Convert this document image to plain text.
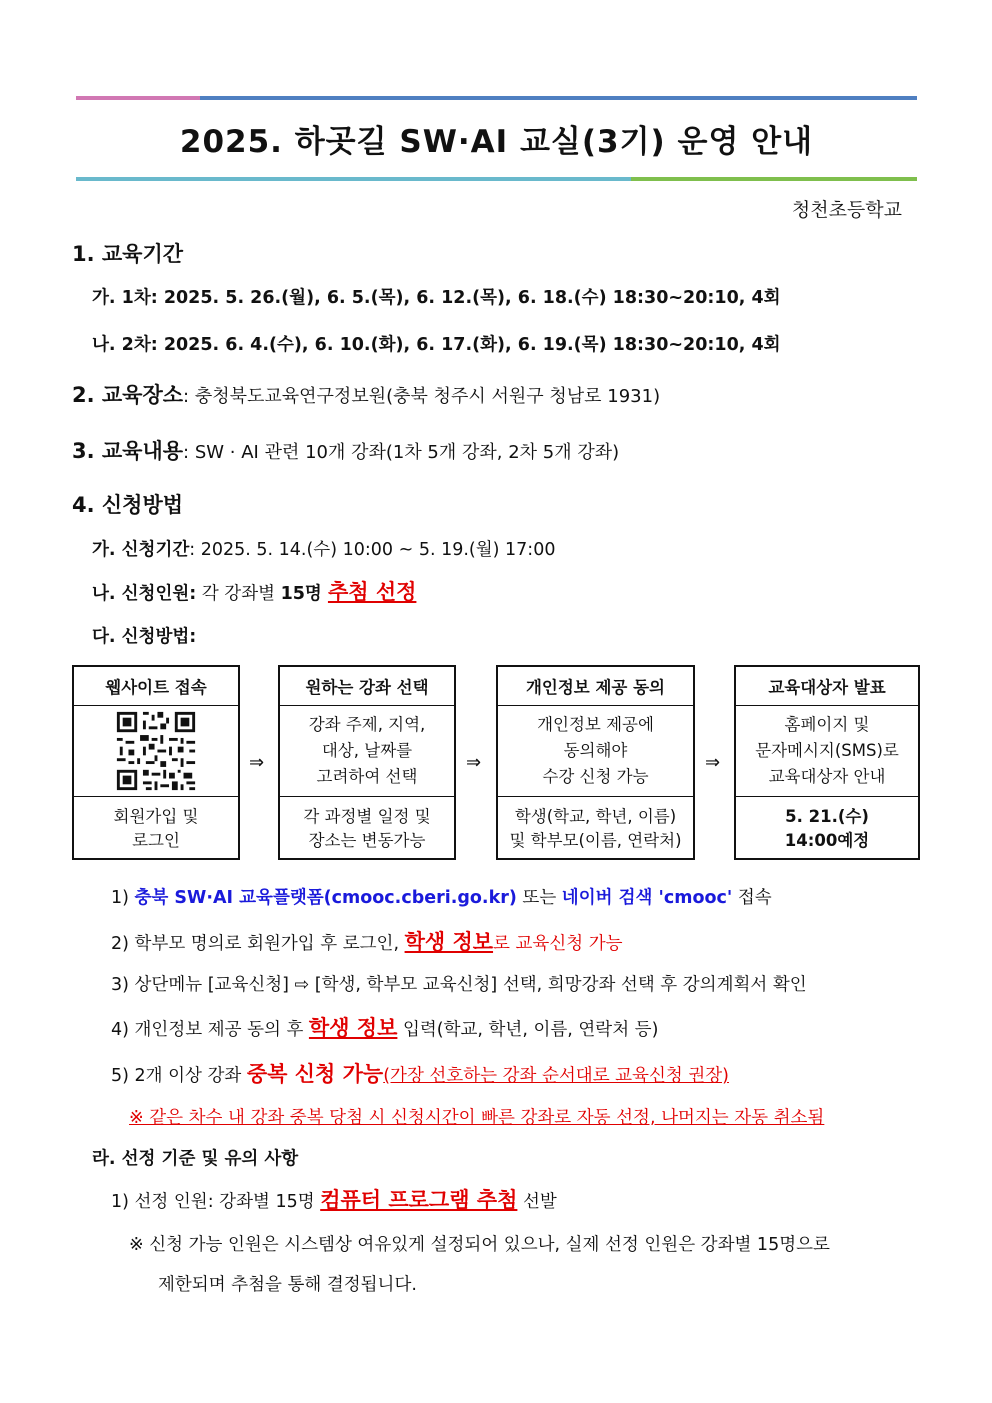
2025. 하곳길 SW·AI 교실(3기) 운영 안내
청천초등학교
1. 교육기간
가. 1차: 2025. 5. 26.(월), 6. 5.(목), 6. 12.(목), 6. 18.(수) 18:30~20:10, 4회
나. 2차: 2025. 6. 4.(수), 6. 10.(화), 6. 17.(화), 6. 19.(목) 18:30~20:10, 4회
2. 교육장소: 충청북도교육연구정보원(충북 청주시 서원구 청남로 1931)
3. 교육내용: SW · AI 관련 10개 강좌(1차 5개 강좌, 2차 5개 강좌)
4. 신청방법
가. 신청기간: 2025. 5. 14.(수) 10:00 ~ 5. 19.(월) 17:00
나. 신청인원: 각 강좌별 15명 추첨 선정
다. 신청방법:
웹사이트 접속
회원가입 및
로그인
⇒
원하는 강좌 선택
강좌 주제, 지역,
대상, 날짜를
고려하여 선택
각 과정별 일정 및
장소는 변동가능
⇒
개인정보 제공 동의
개인정보 제공에
동의해야
수강 신청 가능
학생(학교, 학년, 이름)
및 학부모(이름, 연락처)
⇒
교육대상자 발표
홈페이지 및
문자메시지(SMS)로
교육대상자 안내
5. 21.(수)
14:00예정
1) 충북 SW·AI 교육플랫폼(cmooc.cberi.go.kr) 또는 네이버 검색 'cmooc' 접속
2) 학부모 명의로 회원가입 후 로그인, 학생 정보로 교육신청 가능
3) 상단메뉴 [교육신청] ⇨ [학생, 학부모 교육신청] 선택, 희망강좌 선택 후 강의계획서 확인
4) 개인정보 제공 동의 후 학생 정보 입력(학교, 학년, 이름, 연락처 등)
5) 2개 이상 강좌 중복 신청 가능(가장 선호하는 강좌 순서대로 교육신청 권장)
※ 같은 차수 내 강좌 중복 당첨 시 신청시간이 빠른 강좌로 자동 선정, 나머지는 자동 취소됨
라. 선정 기준 및 유의 사항
1) 선정 인원: 강좌별 15명 컴퓨터 프로그램 추첨 선발
※ 신청 가능 인원은 시스템상 여유있게 설정되어 있으나, 실제 선정 인원은 강좌별 15명으로
제한되며 추첨을 통해 결정됩니다.
